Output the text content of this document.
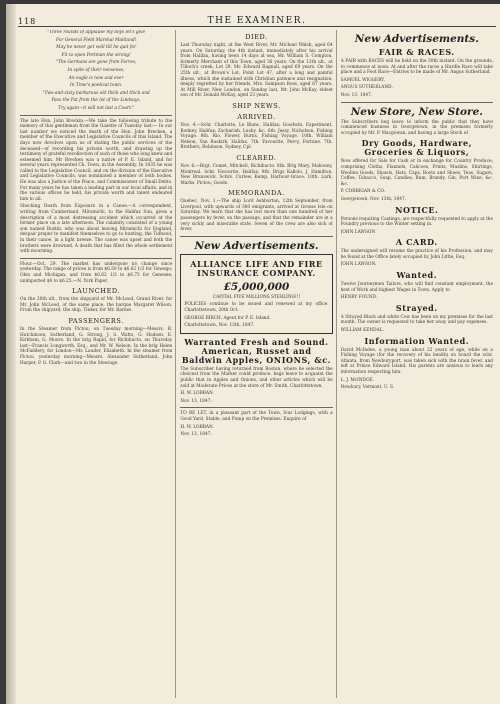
118	THE EXAMINER.

"Three rounds of applause my boys let's give

For General Field Marshal Maitland!

May he never get well till he quit for

Fit to open Portman the strong!

"The Germans are gone from Forres,

In spite of their nonsense;

An eagle is now and ever

In Time's poetical town.

"Two-and-sixty barbarous old thick and thick and

Pass the Pat from the lot of the Lindsays,

Try again—it will not last a Court."

The late Hon. John Breckin.—We take the following tribute to the memory of this gentleman from the Gazette of Tuesday last:— In our last number we noticed the death of the Hon. John Brecken, a member of the Executive and Legislative Councils of this Island. The days now devolves upon us of stating the public services of the deceased—of recording his private worth, and drawing up the testimony of grateful recollection of such of those who long knew and esteemed him. Mr Brecken was a native of P. E. Island, and for several years represented Ch. Town, in the Assembly. In 1835 he was called to the Legislative Council, and on the division of the Executive and Legislative Councils, was nominated a member of both bodies. He was also a Justice of the Peace, and Commissioner of Small Debts. For many years he has taken a leading part in our local affairs, and in the various offices he held, his private worth and talent endeared him to all.

Shocking Death from Exposure in a Canoe.—A correspondent, writing from Cumberland, Miramichi, to the Halifax Sun, gives a description of a most distressing accident which occurred at the former place on a late afternoon. The calamity consisted of a young son named Bustin, who was about leaving Miramichi for England, despair proper to manifest themselves to go to hunting, the Tidhood, in their canoe, in a light breeze. The canoe was upset and both the brothers were drowned. A death that has filled the whole settlement with mourning.

Flour.—Oct. 29. The market has undergone no change since yesterday. The range of prices is from $6.50 to $6.62 1/2 for Oswego; Ohio and Michigan; and from $6.62 1/2 to $6.75 for Genesee; unimported $6 to $6.25.—N. York Paper.

LAUNCHED.

On the 20th ult., from the shipyard of Mr. McLeod, Grand River, for Mr. John McLeod, of the same place, the barque Margaret Wilson. From the shipyard, the ship, Tinker, for Mr. Barnes.

PASSENGERS.

In the Steamer from Pictou, on Tuesday morning—Messrs. R. Hutchinson, Sutherland, G. Strong, J. S. Watts, G. Hodson, E. Kirkham, G. Moore. In the brig Rapid, for Richibucto, on Thursday last—Francis Longworth, Esq., and Mr. W. Nelson. In the brig Helen McFaddery, for London—Mr. Lauder, Elizabeth. In the steamer from Pictou, yesterday morning—Messrs. Alexander Sutherland, John Harper, P. G. Clark—and two in the Steerage.

DIED.

Last Thursday night, at the West River, Mr. Michael Walsh, aged 64 years. On Saturday, the 4th instant, immediately after his arrival from Halifax, having been 14 days at sea, Mr. William S. Compton, formerly Merchant of this Town, aged 36 years. On the 13th ult., at Tilloch's creek, Lot 29, Mr. Edward Ragnall, aged 69 years. On the 25th ult., at Brown's Lot, Point Lot 47, after a long and painful illness, which she sustained with Christian patience and resignation, deeply regretted by her friends, Mrs. Sampson Ross, aged 67 years. At Mill River, New London, on Sunday last, Mr. John McKay, eldest son of Mr. Donald McKay, aged 23 years.

SHIP NEWS.
ARRIVED.

Nov. 4.—Schr. Charlotte, Le Blanc, Halifax; Goodwin, Experiment, Rodney, Halifax; Zachariah, Lusby, &c. 6th. Jessy, Nicholson, Fishing Voyage. 8th. Rio. Flower, Burns, Fishing Voyage. 10th. William Nelson, Van Buskirk, Halifax. 7th. Favourite, Percy, Fortune. 7th. Brothers, Robinson, Sydney, Cpl.

CLEARED.

Nov. 6.—Brgt. Comet, Mitchell, Richibucto. 8th. Brig Mary, Mahoney, Montreal. Schr. Favourite, Halifax. 9th. Brigs Kallolo, J. Hamilton, New Brunswick. Schrs. Curlew, Kemp, Harbour-Grace. 10th. Lark, Marks, Pictou; Goods.

MEMORANDA.

Quebec, Nov. 1.—The ship Lord Ashburton, 12th September, from Liverpool, with upwards of 300 emigrants, arrived at Grosse Isle on Saturday. We learn that she has lost more than one hundred of her passengers by fever, on the passage, and that the remainder are in a very sickly and miserable state. Seven of the crew are also sick of fever.

New Advertisements.
ALLIANCE LIFE AND FIRE INSURANCE COMPANY.
£5,000,000

CAPITAL FIVE MILLIONS STERLING!!!

POLICIES continue to be issued and renewed at my office. Charlottetown, 20th Oct.

GEORGE BIRCH, Agent for P. E. Island.

Charlottetown, Nov. 13th, 1847.

Warranted Fresh and Sound. American, Russet and Baldwin Apples, ONIONS, &c.

The Subscriber having returned from Boston, where he selected the choicest from the Market could produce, begs leave to acquaint the public that in Apples and Onions, and other articles which will be sold at Moderate Prices at the store of Mr. Smith, Charlottetown.

H. W. LOBBAN.

Nov. 13, 1847.

TO BE LET, in a pleasant part of the Town, four Lodgings, with a Good Yard, Stable, and Pump on the Premises. Enquire of

H. W. LOBBAN.

Nov. 13, 1847.

New Advertisements.
FAIR & RACES.

A FAIR with RACES will be held on the 30th instant. On the grounds, to commence at noon. At and after the races a Hurdle Race will take place and a Foot Race—Entries to be made of Mr. Angus Sutherland.

SAMUEL WIGGERY,

ANGUS SUTHERLAND.

Nov. 13, 1847.

New Store, New Store.

The Subscribers beg leave to inform the public that they have commenced business in Georgetown, in the premises formerly occupied by Mr. P. Macgowan, and having a large Stock of

Dry Goods, Hardware, Groceries & Liquors,

Now offered for Sale for Cash or in exchange for Country Produce; comprising Cloths, Flannels, Calicoes, Prints, Muslins, Shirtings, Woollen Goods, Shawls, Hats, Caps, Boots and Shoes. Teas, Sugars, Coffee, Tobacco, Soap, Candles, Rum, Brandy, Gin, Port Wine, &c. &c.

P. CORRIGAN & CO.

Georgetown, Nov. 13th, 1847.

NOTICE.

Persons requiring Castings, are respectfully requested to apply at the Foundry previous to the Winter setting in.

JOHN LAWSON

A CARD.

The undersigned will resume the practice of his Profession, and may be found at the Office lately occupied by John Little, Esq.

JOHN LAWSON.

Wanted.

Twelve Journeymen Tailors, who will find constant employment, the best of Work and highest Wages in Town. Apply to

HENRY FOUND.

Strayed.

A Strayed Black and white Cow has been on my premises for the last month. The owner is requested to take her away and pay expenses.

WILLIAM KENDAL.

Information Wanted.

David McIndoe, a young man about 22 years of age, while on a Fishing Voyage (for the recovery of his health) on board the schr. Atlanta, from Newburyport, was taken sick with the brain fever, and left at Prince Edward Island. His parents are anxious to learn any information respecting him.

L. J. McINDOE.

Newbury, Vermont, U. S.
